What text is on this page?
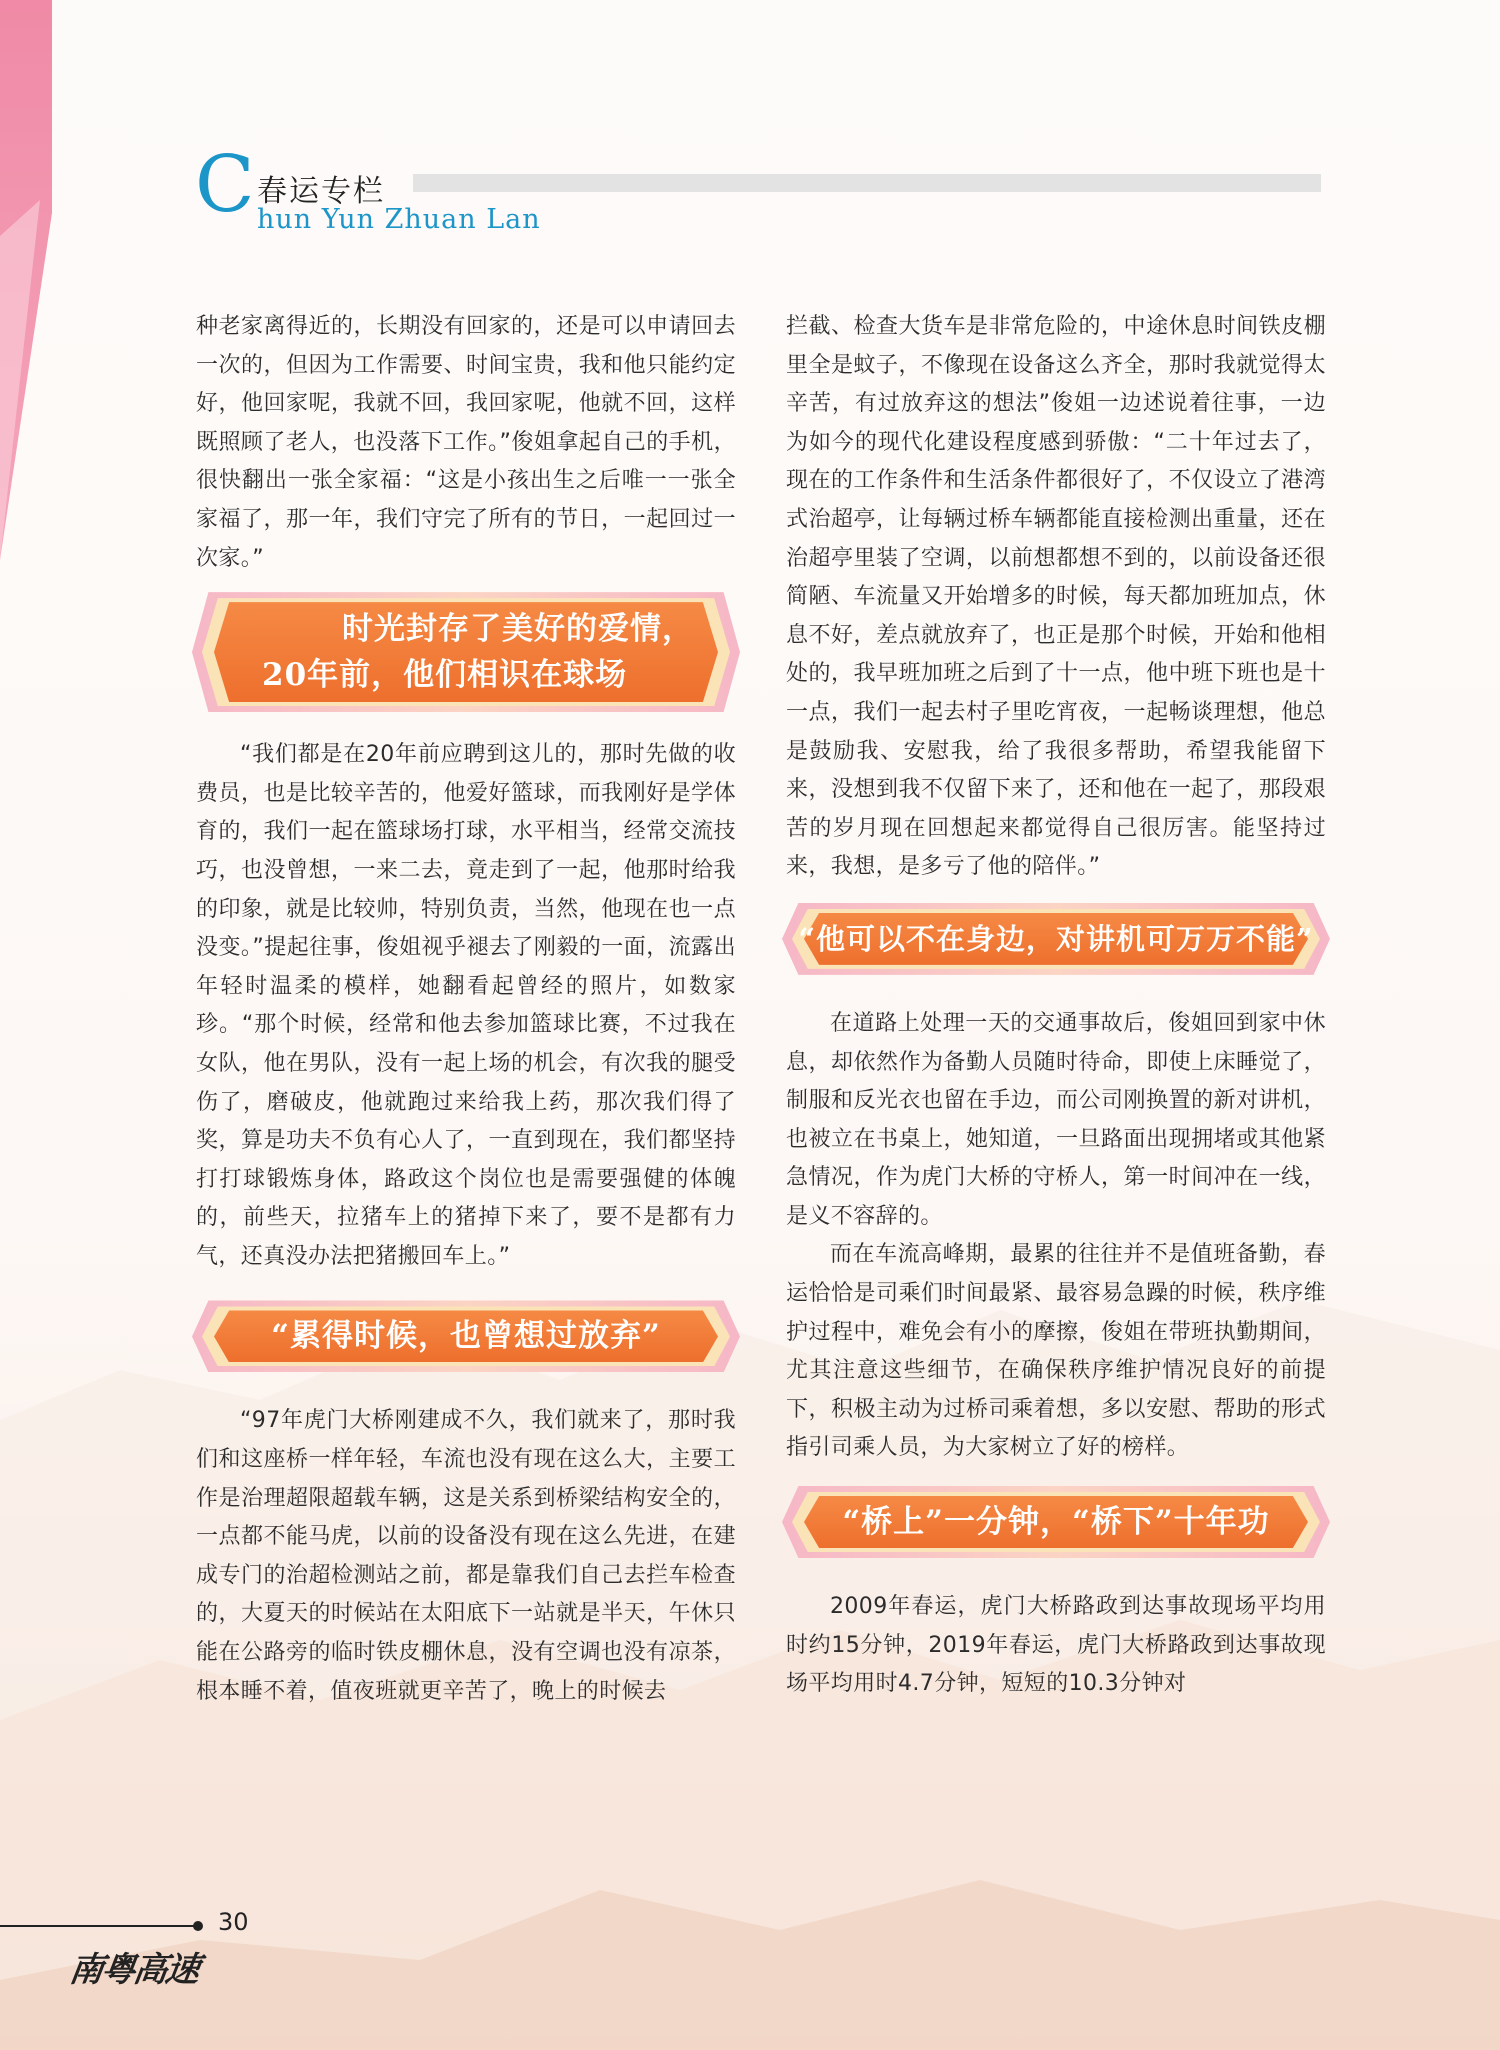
C 春运专栏
hun Yun Zhuan Lan

种老家离得近的，长期没有回家的，还是可以申请回去一次的，但因为工作需要、时间宝贵，我和他只能约定好，他回家呢，我就不回，我回家呢，他就不回，这样既照顾了老人，也没落下工作。”俊姐拿起自己的手机，很快翻出一张全家福：“这是小孩出生之后唯一一张全家福了，那一年，我们守完了所有的节日，一起回过一次家。”

时光封存了美好的爱情，
20年前，他们相识在球场

“我们都是在20年前应聘到这儿的，那时先做的收费员，也是比较辛苦的，他爱好篮球，而我刚好是学体育的，我们一起在篮球场打球，水平相当，经常交流技巧，也没曾想，一来二去，竟走到了一起，他那时给我的印象，就是比较帅，特别负责，当然，他现在也一点没变。”提起往事，俊姐视乎褪去了刚毅的一面，流露出年轻时温柔的模样，她翻看起曾经的照片，如数家珍。“那个时候，经常和他去参加篮球比赛，不过我在女队，他在男队，没有一起上场的机会，有次我的腿受伤了，磨破皮，他就跑过来给我上药，那次我们得了奖，算是功夫不负有心人了，一直到现在，我们都坚持打打球锻炼身体，路政这个岗位也是需要强健的体魄的，前些天，拉猪车上的猪掉下来了，要不是都有力气，还真没办法把猪搬回车上。”

“累得时候，也曾想过放弃”

“97年虎门大桥刚建成不久，我们就来了，那时我们和这座桥一样年轻，车流也没有现在这么大，主要工作是治理超限超载车辆，这是关系到桥梁结构安全的，一点都不能马虎，以前的设备没有现在这么先进，在建成专门的治超检测站之前，都是靠我们自己去拦车检查的，大夏天的时候站在太阳底下一站就是半天，午休只能在公路旁的临时铁皮棚休息，没有空调也没有凉茶，根本睡不着，值夜班就更辛苦了，晚上的时候去

拦截、检查大货车是非常危险的，中途休息时间铁皮棚里全是蚊子，不像现在设备这么齐全，那时我就觉得太辛苦，有过放弃这的想法”俊姐一边述说着往事，一边为如今的现代化建设程度感到骄傲：“二十年过去了，现在的工作条件和生活条件都很好了，不仅设立了港湾式治超亭，让每辆过桥车辆都能直接检测出重量，还在治超亭里装了空调，以前想都想不到的，以前设备还很简陋、车流量又开始增多的时候，每天都加班加点，休息不好，差点就放弃了，也正是那个时候，开始和他相处的，我早班加班之后到了十一点，他中班下班也是十一点，我们一起去村子里吃宵夜，一起畅谈理想，他总是鼓励我、安慰我，给了我很多帮助，希望我能留下来，没想到我不仅留下来了，还和他在一起了，那段艰苦的岁月现在回想起来都觉得自己很厉害。能坚持过来，我想，是多亏了他的陪伴。”

“他可以不在身边，对讲机可万万不能”

在道路上处理一天的交通事故后，俊姐回到家中休息，却依然作为备勤人员随时待命，即使上床睡觉了，制服和反光衣也留在手边，而公司刚换置的新对讲机，也被立在书桌上，她知道，一旦路面出现拥堵或其他紧急情况，作为虎门大桥的守桥人，第一时间冲在一线，是义不容辞的。

而在车流高峰期，最累的往往并不是值班备勤，春运恰恰是司乘们时间最紧、最容易急躁的时候，秩序维护过程中，难免会有小的摩擦，俊姐在带班执勤期间，尤其注意这些细节，在确保秩序维护情况良好的前提下，积极主动为过桥司乘着想，多以安慰、帮助的形式指引司乘人员，为大家树立了好的榜样。

“桥上”一分钟，“桥下”十年功

2009年春运，虎门大桥路政到达事故现场平均用时约15分钟，2019年春运，虎门大桥路政到达事故现场平均用时4.7分钟，短短的10.3分钟对

30
南粤高速
